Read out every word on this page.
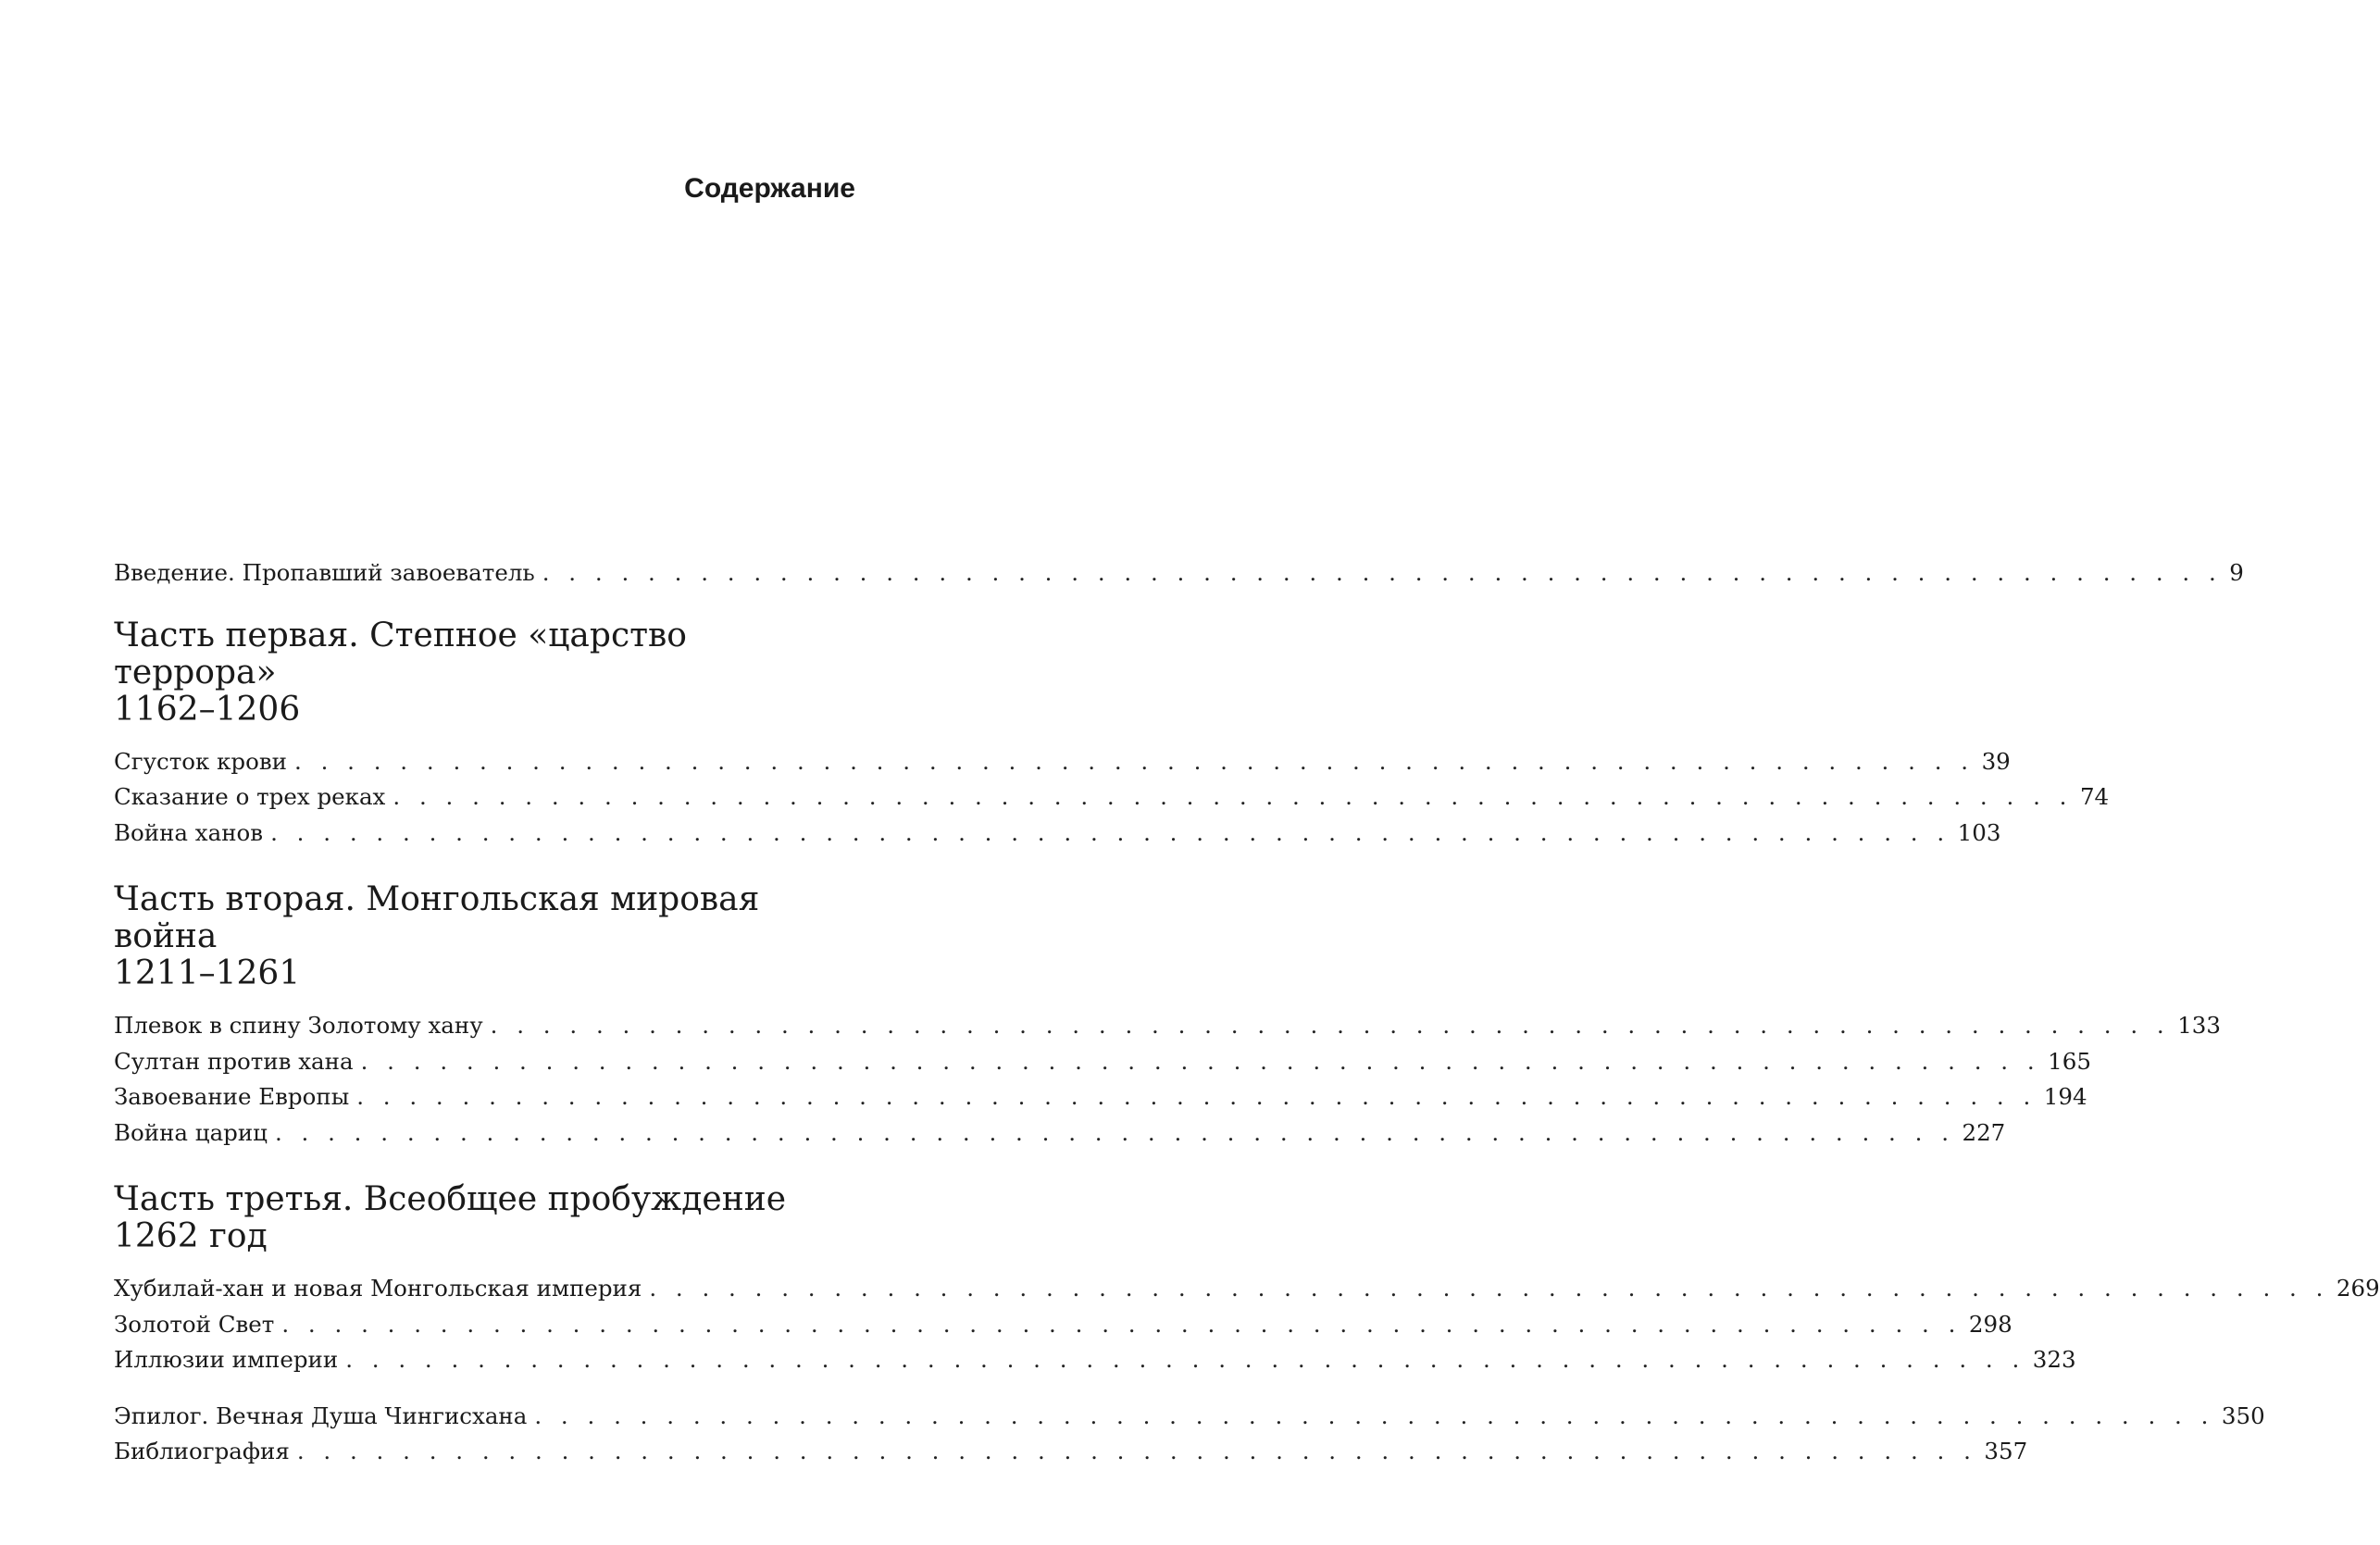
Содержание
Введение. Пропавший завоеватель . . . . . . . . . . . . . . . . . . . . . . . . . . . . . . . . . . . . . . . . . . . . . . . . . . . . . . . . . . . . . . . . 9
Часть первая. Степное «царство террора»
1162–1206
Сгусток крови . . . . . . . . . . . . . . . . . . . . . . . . . . . . . . . . . . . . . . . . . . . . . . . . . . . . . . . . . . . . . . . . 39
Сказание о трех реках . . . . . . . . . . . . . . . . . . . . . . . . . . . . . . . . . . . . . . . . . . . . . . . . . . . . . . . . . . . . . . . . 74
Война ханов . . . . . . . . . . . . . . . . . . . . . . . . . . . . . . . . . . . . . . . . . . . . . . . . . . . . . . . . . . . . . . . . 103
Часть вторая. Монгольская мировая война
1211–1261
Плевок в спину Золотому хану . . . . . . . . . . . . . . . . . . . . . . . . . . . . . . . . . . . . . . . . . . . . . . . . . . . . . . . . . . . . . . . . 133
Султан против хана . . . . . . . . . . . . . . . . . . . . . . . . . . . . . . . . . . . . . . . . . . . . . . . . . . . . . . . . . . . . . . . . 165
Завоевание Европы . . . . . . . . . . . . . . . . . . . . . . . . . . . . . . . . . . . . . . . . . . . . . . . . . . . . . . . . . . . . . . . . 194
Война цариц . . . . . . . . . . . . . . . . . . . . . . . . . . . . . . . . . . . . . . . . . . . . . . . . . . . . . . . . . . . . . . . . 227
Часть третья. Всеобщее пробуждение
1262 год
Хубилай-хан и новая Монгольская империя . . . . . . . . . . . . . . . . . . . . . . . . . . . . . . . . . . . . . . . . . . . . . . . . . . . . . . . . . . . . . . . . 269
Золотой Свет . . . . . . . . . . . . . . . . . . . . . . . . . . . . . . . . . . . . . . . . . . . . . . . . . . . . . . . . . . . . . . . . 298
Иллюзии империи . . . . . . . . . . . . . . . . . . . . . . . . . . . . . . . . . . . . . . . . . . . . . . . . . . . . . . . . . . . . . . . . 323
Эпилог. Вечная Душа Чингисхана . . . . . . . . . . . . . . . . . . . . . . . . . . . . . . . . . . . . . . . . . . . . . . . . . . . . . . . . . . . . . . . . 350
Библиография . . . . . . . . . . . . . . . . . . . . . . . . . . . . . . . . . . . . . . . . . . . . . . . . . . . . . . . . . . . . . . . . 357
